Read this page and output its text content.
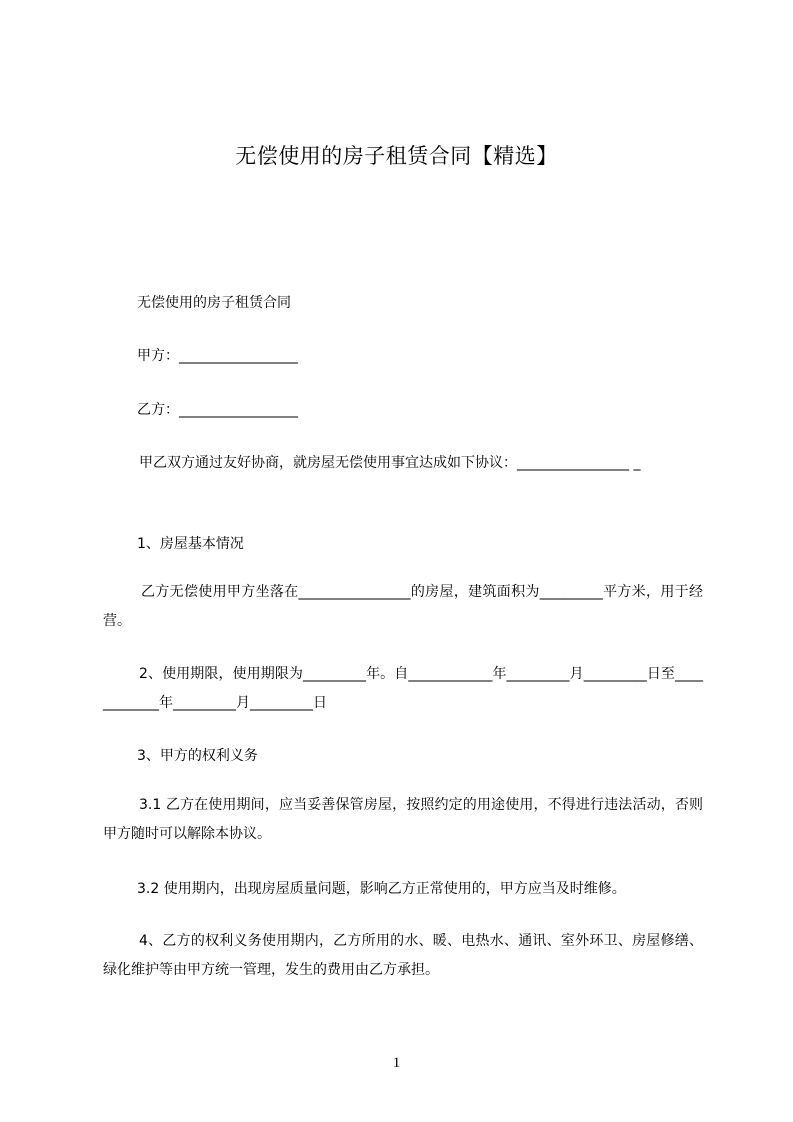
无偿使用的房子租赁合同【精选】
无偿使用的房子租赁合同
甲方：_________________
乙方：_________________
甲乙双方通过友好协商，就房屋无偿使用事宜达成如下协议：________________ _
1、房屋基本情况
乙方无偿使用甲方坐落在________________的房屋，建筑面积为_________平方米，用于经营。
2、使用期限，使用期限为_________年。自____________年_________月_________日至____________年_________月_________日
3、甲方的权利义务
3.1 乙方在使用期间，应当妥善保管房屋，按照约定的用途使用，不得进行违法活动，否则甲方随时可以解除本协议。
3.2 使用期内，出现房屋质量问题，影响乙方正常使用的，甲方应当及时维修。
4、乙方的权利义务使用期内，乙方所用的水、暖、电热水、通讯、室外环卫、房屋修缮、绿化维护等由甲方统一管理，发生的费用由乙方承担。
1
